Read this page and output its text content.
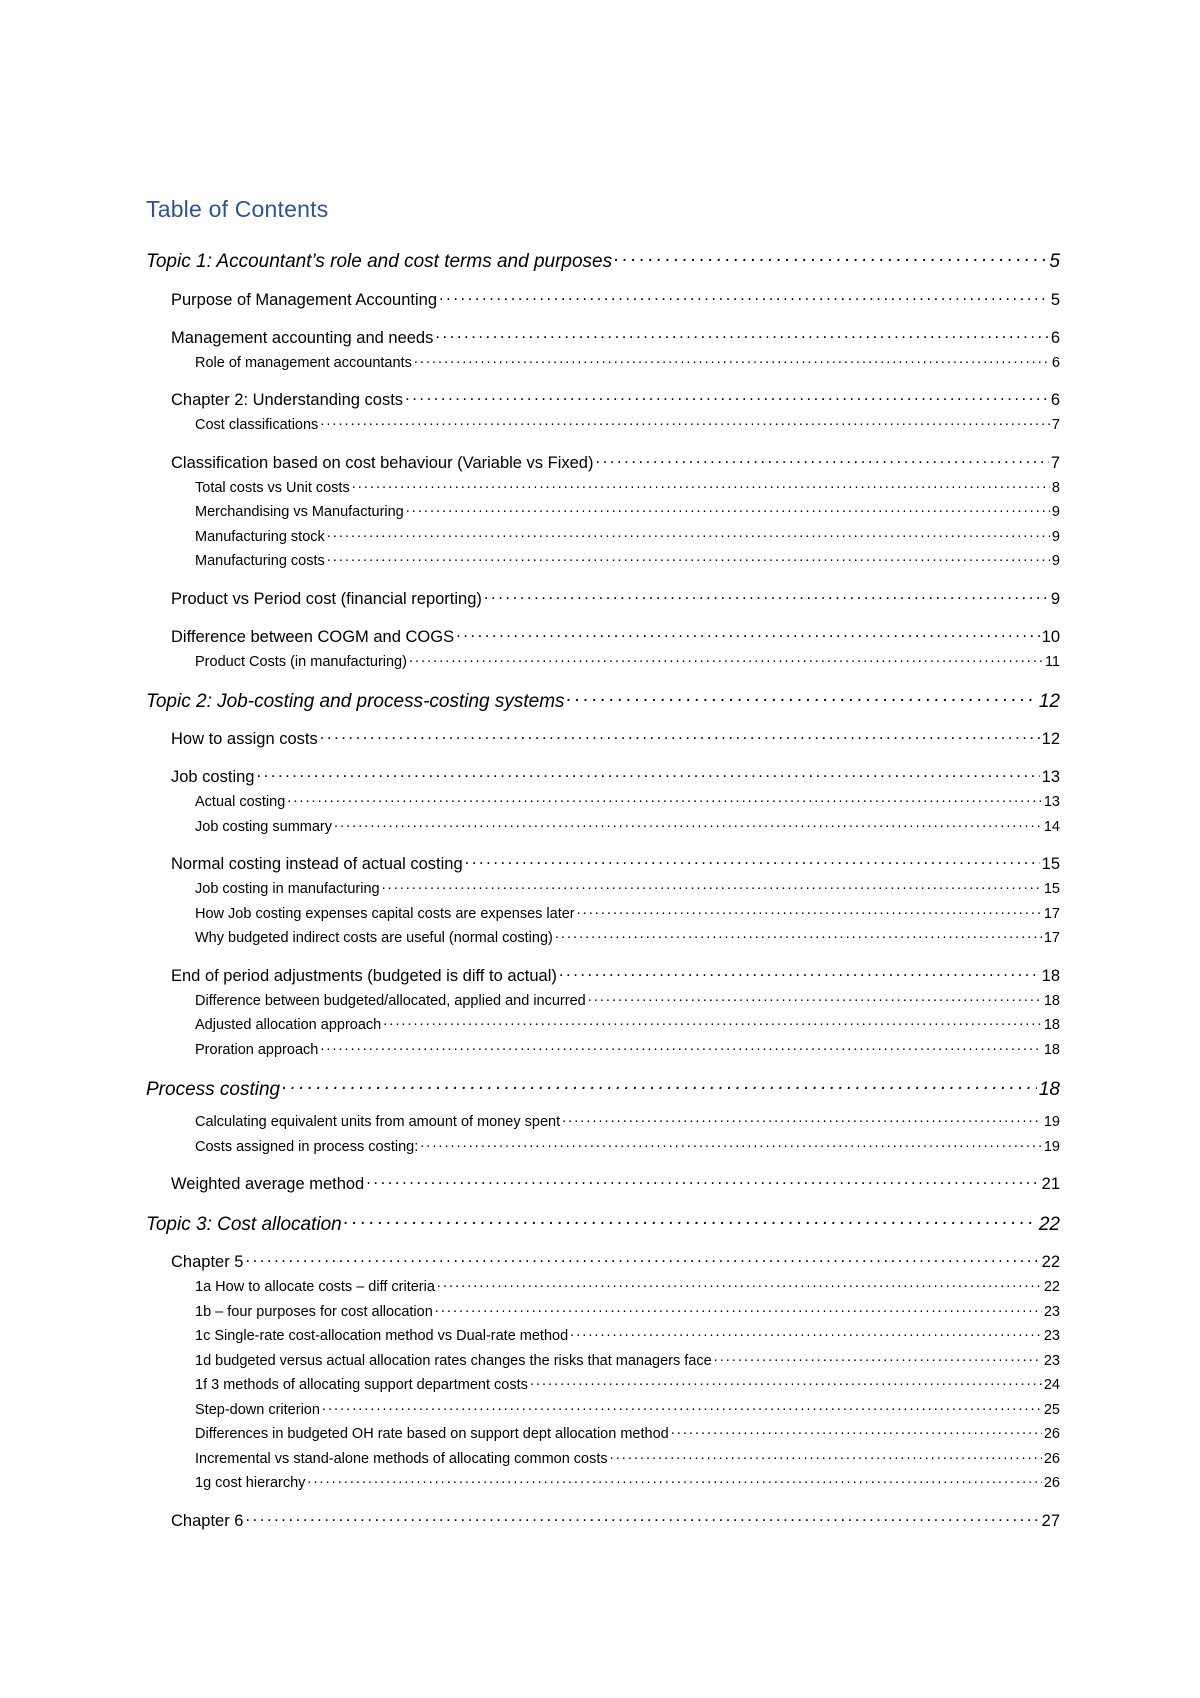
Table of Contents
Topic 1: Accountant’s role and cost terms and purposes . . .	5
Purpose of Management Accounting . . .	5
Management accounting and needs . . .	6
Role of management accountants . . .	6
Chapter 2: Understanding costs . . .	6
Cost classifications . . .	7
Classification based on cost behaviour (Variable vs Fixed) . . .	7
Total costs vs Unit costs . . .	8
Merchandising vs Manufacturing . . .	9
Manufacturing stock . . .	9
Manufacturing costs . . .	9
Product vs Period cost (financial reporting) . . .	9
Difference between COGM and COGS . . .	10
Product Costs (in manufacturing) . . .	11
Topic 2: Job-costing and process-costing systems . . .	12
How to assign costs . . .	12
Job costing . . .	13
Actual costing . . .	13
Job costing summary . . .	14
Normal costing instead of actual costing . . .	15
Job costing in manufacturing . . .	15
How Job costing expenses capital costs are expenses later . . .	17
Why budgeted indirect costs are useful (normal costing) . . .	17
End of period adjustments (budgeted is diff to actual) . . .	18
Difference between budgeted/allocated, applied and incurred . . .	18
Adjusted allocation approach . . .	18
Proration approach . . .	18
Process costing . . .	18
Calculating equivalent units from amount of money spent . . .	19
Costs assigned in process costing: . . .	19
Weighted average method . . .	21
Topic 3: Cost allocation . . .	22
Chapter 5 . . .	22
1a How to allocate costs – diff criteria . . .	22
1b – four purposes for cost allocation . . .	23
1c Single-rate cost-allocation method vs Dual-rate method . . .	23
1d budgeted versus actual allocation rates changes the risks that managers face . . .	23
1f 3 methods of allocating support department costs . . .	24
Step-down criterion . . .	25
Differences in budgeted OH rate based on support dept allocation method . . .	26
Incremental vs stand-alone methods of allocating common costs . . .	26
1g cost hierarchy . . .	26
Chapter 6 . . .	27
